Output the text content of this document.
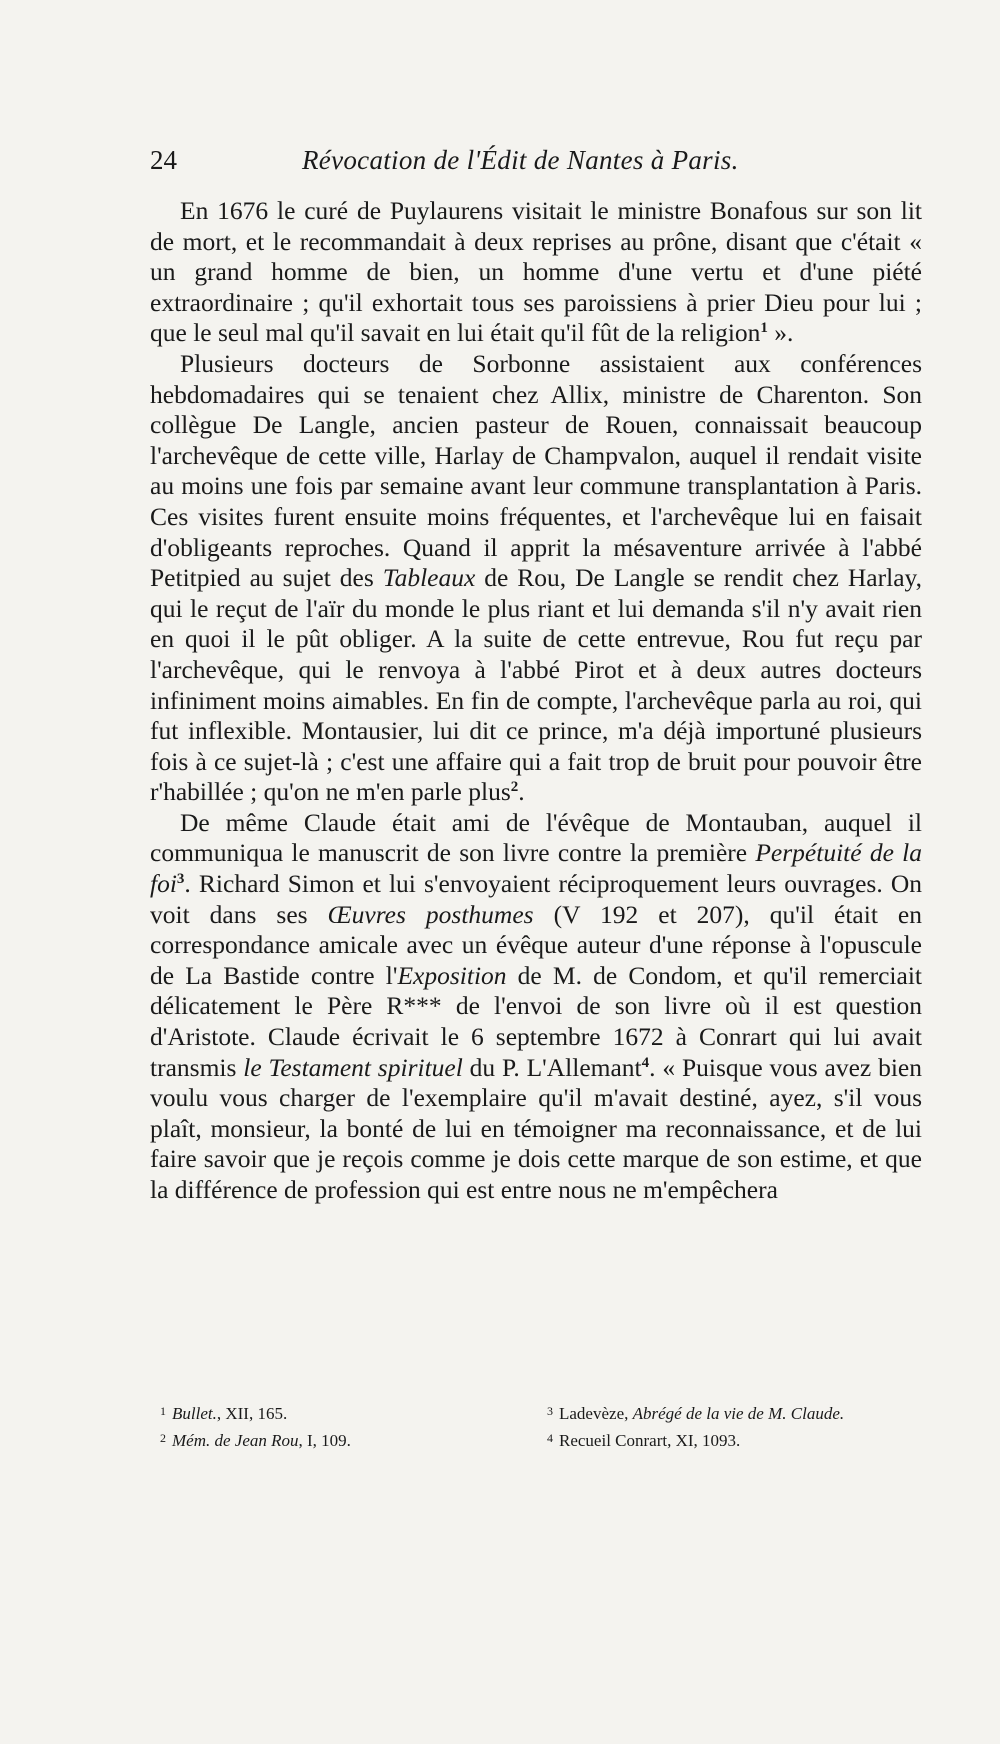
24	Révocation de l'Édit de Nantes à Paris.

En 1676 le curé de Puylaurens visitait le ministre Bonafous sur son lit de mort, et le recommandait à deux reprises au prône, disant que c'était « un grand homme de bien, un homme d'une vertu et d'une piété extraordinaire ; qu'il exhortait tous ses paroissiens à prier Dieu pour lui ; que le seul mal qu'il savait en lui était qu'il fût de la religion$^1$ ».

Plusieurs docteurs de Sorbonne assistaient aux conférences hebdomadaires qui se tenaient chez Allix, ministre de Charenton. Son collègue De Langle, ancien pasteur de Rouen, connaissait beaucoup l'archevêque de cette ville, Harlay de Champvalon, auquel il rendait visite au moins une fois par semaine avant leur commune transplantation à Paris. Ces visites furent ensuite moins fréquentes, et l'archevêque lui en faisait d'obligeants reproches. Quand il apprit la mésaventure arrivée à l'abbé Petitpied au sujet des Tableaux de Rou, De Langle se rendit chez Harlay, qui le reçut de l'aïr du monde le plus riant et lui demanda s'il n'y avait rien en quoi il le pût obliger. A la suite de cette entrevue, Rou fut reçu par l'archevêque, qui le renvoya à l'abbé Pirot et à deux autres docteurs infiniment moins aimables. En fin de compte, l'archevêque parla au roi, qui fut inflexible. Montausier, lui dit ce prince, m'a déjà importuné plusieurs fois à ce sujet-là ; c'est une affaire qui a fait trop de bruit pour pouvoir être r'habillée ; qu'on ne m'en parle plus$^2$.

De même Claude était ami de l'évêque de Montauban, auquel il communiqua le manuscrit de son livre contre la première Perpétuité de la foi$^3$. Richard Simon et lui s'envoyaient réciproquement leurs ouvrages. On voit dans ses Œuvres posthumes (V 192 et 207), qu'il était en correspondance amicale avec un évêque auteur d'une réponse à l'opuscule de La Bastide contre l'Exposition de M. de Condom, et qu'il remerciait délicatement le Père R*** de l'envoi de son livre où il est question d'Aristote. Claude écrivait le 6 septembre 1672 à Conrart qui lui avait transmis le Testament spirituel du P. L'Allemant$^4$. « Puisque vous avez bien voulu vous charger de l'exemplaire qu'il m'avait destiné, ayez, s'il vous plaît, monsieur, la bonté de lui en témoigner ma reconnaissance, et de lui faire savoir que je reçois comme je dois cette marque de son estime, et que la différence de profession qui est entre nous ne m'empêchera

$^1$ Bullet., XII, 165.
$^2$ Mém. de Jean Rou, I, 109.
$^3$ Ladevèze, Abrégé de la vie de M. Claude.
$^4$ Recueil Conrart, XI, 1093.
